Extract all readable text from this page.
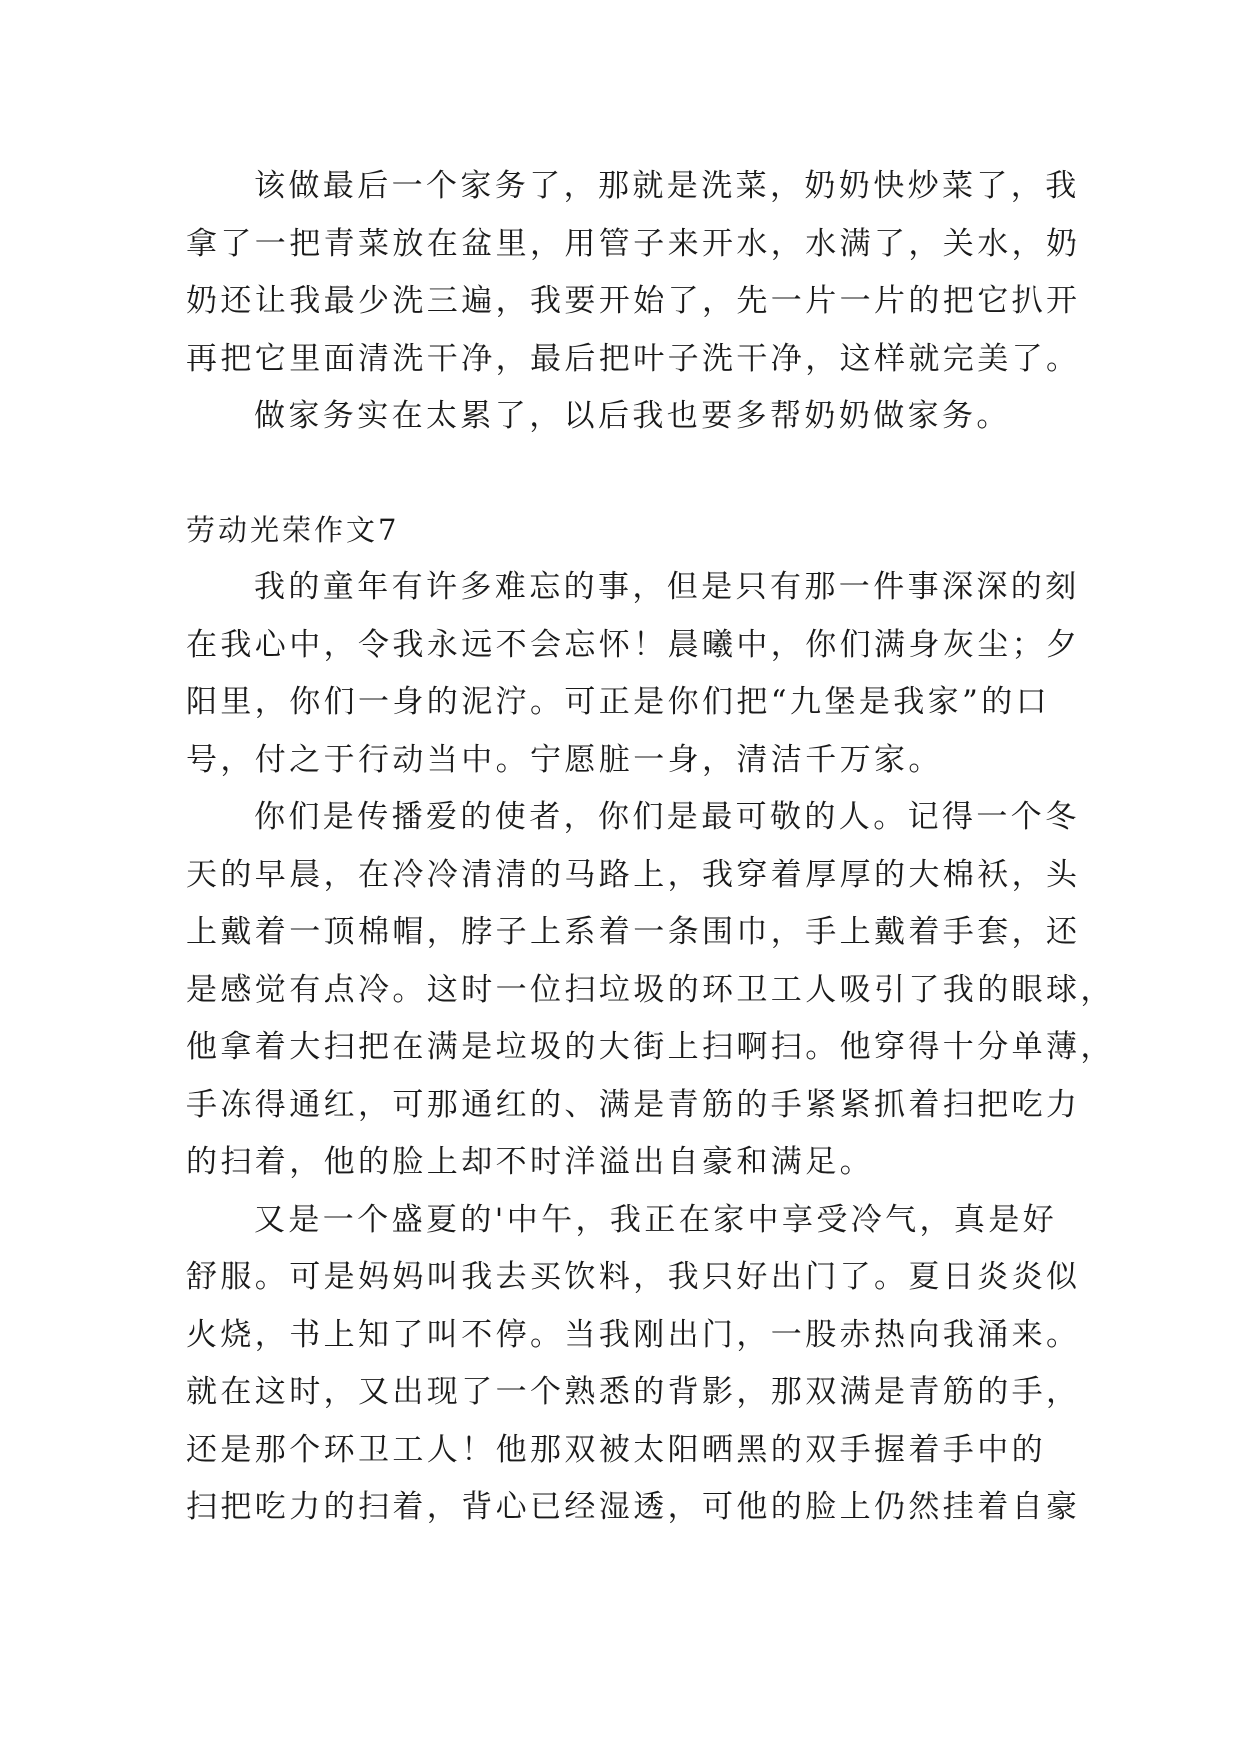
该做最后一个家务了，那就是洗菜，奶奶快炒菜了，我
拿了一把青菜放在盆里，用管子来开水，水满了，关水，奶
奶还让我最少洗三遍，我要开始了，先一片一片的把它扒开
再把它里面清洗干净，最后把叶子洗干净，这样就完美了。
做家务实在太累了，以后我也要多帮奶奶做家务。
劳动光荣作文7
我的童年有许多难忘的事，但是只有那一件事深深的刻
在我心中，令我永远不会忘怀！晨曦中，你们满身灰尘；夕
阳里，你们一身的泥泞。可正是你们把“九堡是我家”的口
号，付之于行动当中。宁愿脏一身，清洁千万家。
你们是传播爱的使者，你们是最可敬的人。记得一个冬
天的早晨，在冷冷清清的马路上，我穿着厚厚的大棉袄，头
上戴着一顶棉帽，脖子上系着一条围巾，手上戴着手套，还
是感觉有点冷。这时一位扫垃圾的环卫工人吸引了我的眼球，
他拿着大扫把在满是垃圾的大街上扫啊扫。他穿得十分单薄，
手冻得通红，可那通红的、满是青筋的手紧紧抓着扫把吃力
的扫着，他的脸上却不时洋溢出自豪和满足。
又是一个盛夏的'中午，我正在家中享受冷气，真是好
舒服。可是妈妈叫我去买饮料，我只好出门了。夏日炎炎似
火烧，书上知了叫不停。当我刚出门，一股赤热向我涌来。
就在这时，又出现了一个熟悉的背影，那双满是青筋的手，
还是那个环卫工人！他那双被太阳晒黑的双手握着手中的
扫把吃力的扫着，背心已经湿透，可他的脸上仍然挂着自豪
